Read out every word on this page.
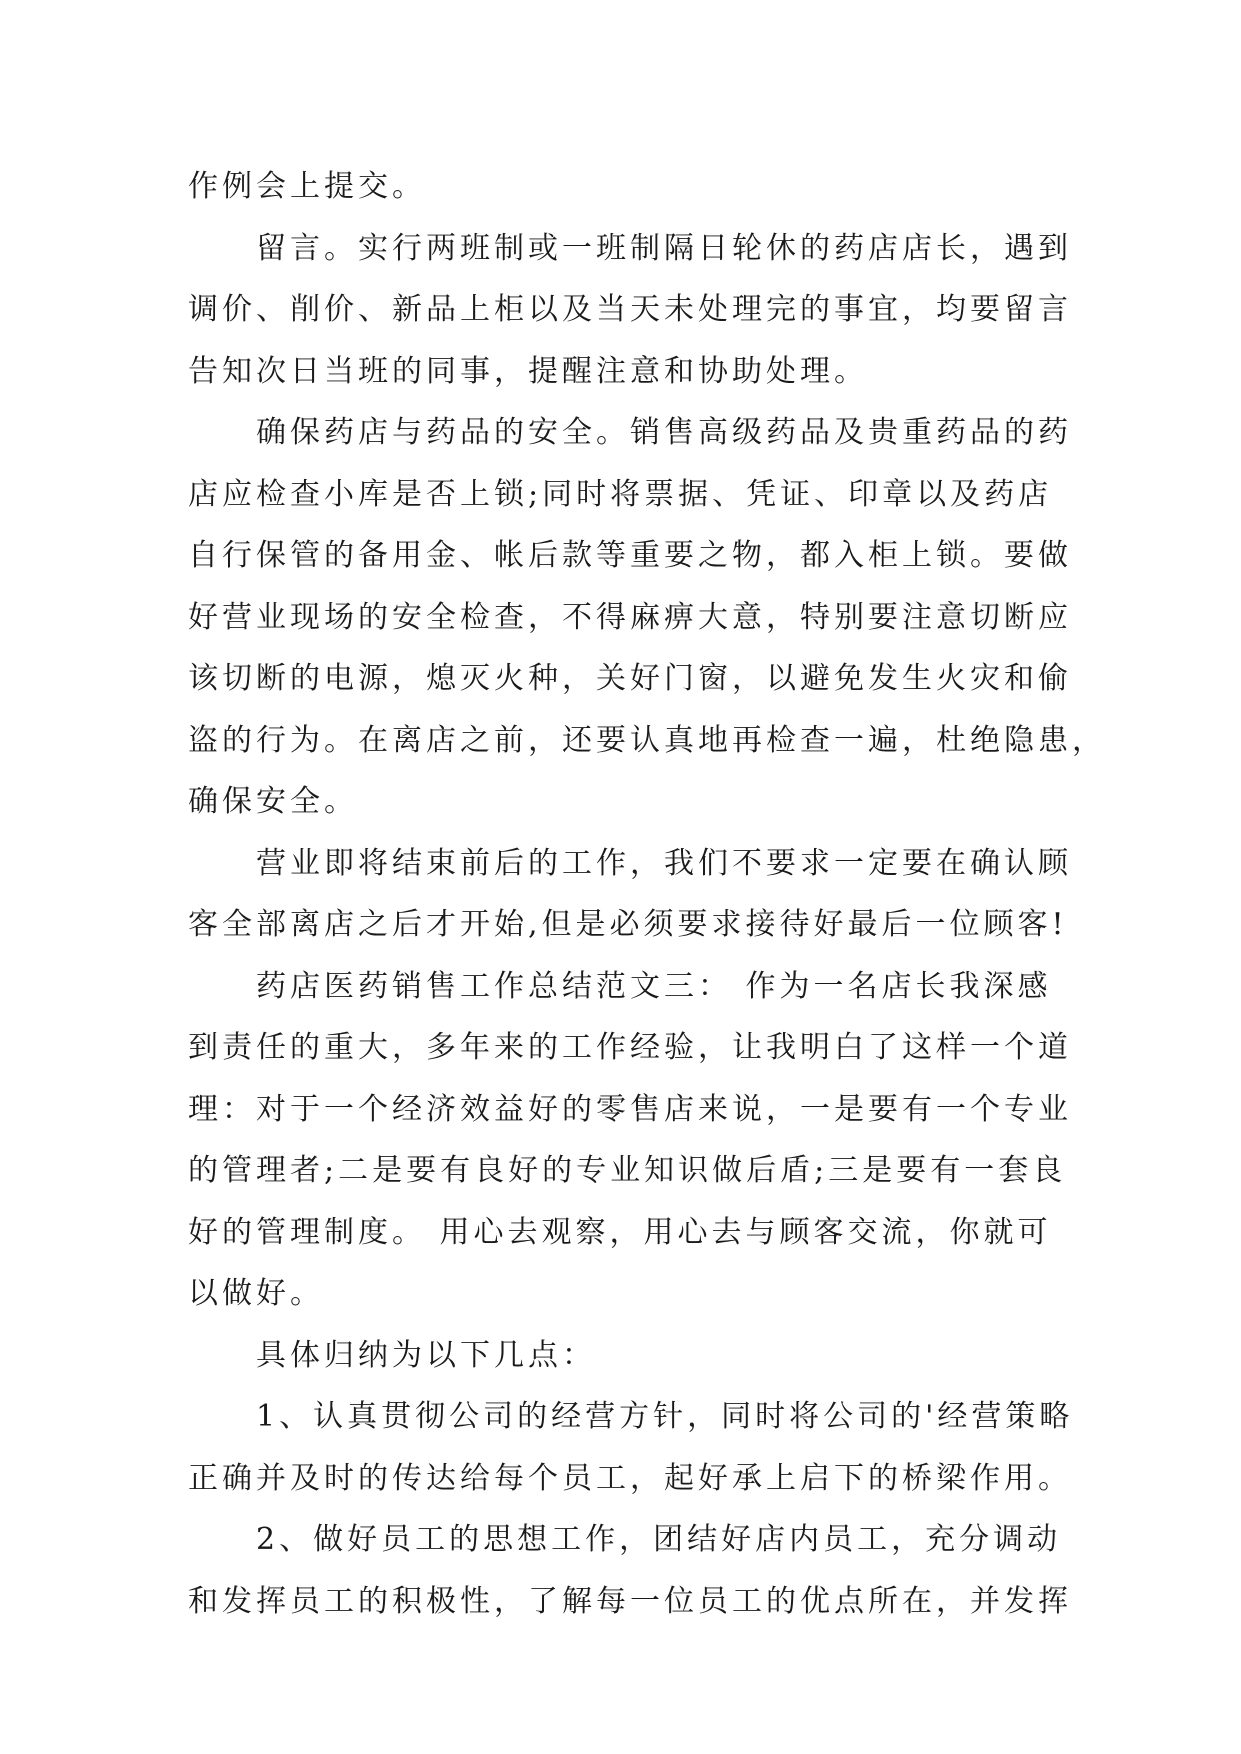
作例会上提交。
留言。实行两班制或一班制隔日轮休的药店店长，遇到
调价、削价、新品上柜以及当天未处理完的事宜，均要留言
告知次日当班的同事，提醒注意和协助处理。
确保药店与药品的安全。销售高级药品及贵重药品的药
店应检查小库是否上锁;同时将票据、凭证、印章以及药店
自行保管的备用金、帐后款等重要之物，都入柜上锁。要做
好营业现场的安全检查，不得麻痹大意，特别要注意切断应
该切断的电源，熄灭火种，关好门窗，以避免发生火灾和偷
盗的行为。在离店之前，还要认真地再检查一遍，杜绝隐患，
确保安全。
营业即将结束前后的工作，我们不要求一定要在确认顾
客全部离店之后才开始,但是必须要求接待好最后一位顾客!
药店医药销售工作总结范文三： 作为一名店长我深感
到责任的重大，多年来的工作经验，让我明白了这样一个道
理：对于一个经济效益好的零售店来说，一是要有一个专业
的管理者;二是要有良好的专业知识做后盾;三是要有一套良
好的管理制度。 用心去观察，用心去与顾客交流，你就可
以做好。
具体归纳为以下几点：
1、认真贯彻公司的经营方针，同时将公司的'经营策略
正确并及时的传达给每个员工，起好承上启下的桥梁作用。
2、做好员工的思想工作，团结好店内员工，充分调动
和发挥员工的积极性，了解每一位员工的优点所在，并发挥
